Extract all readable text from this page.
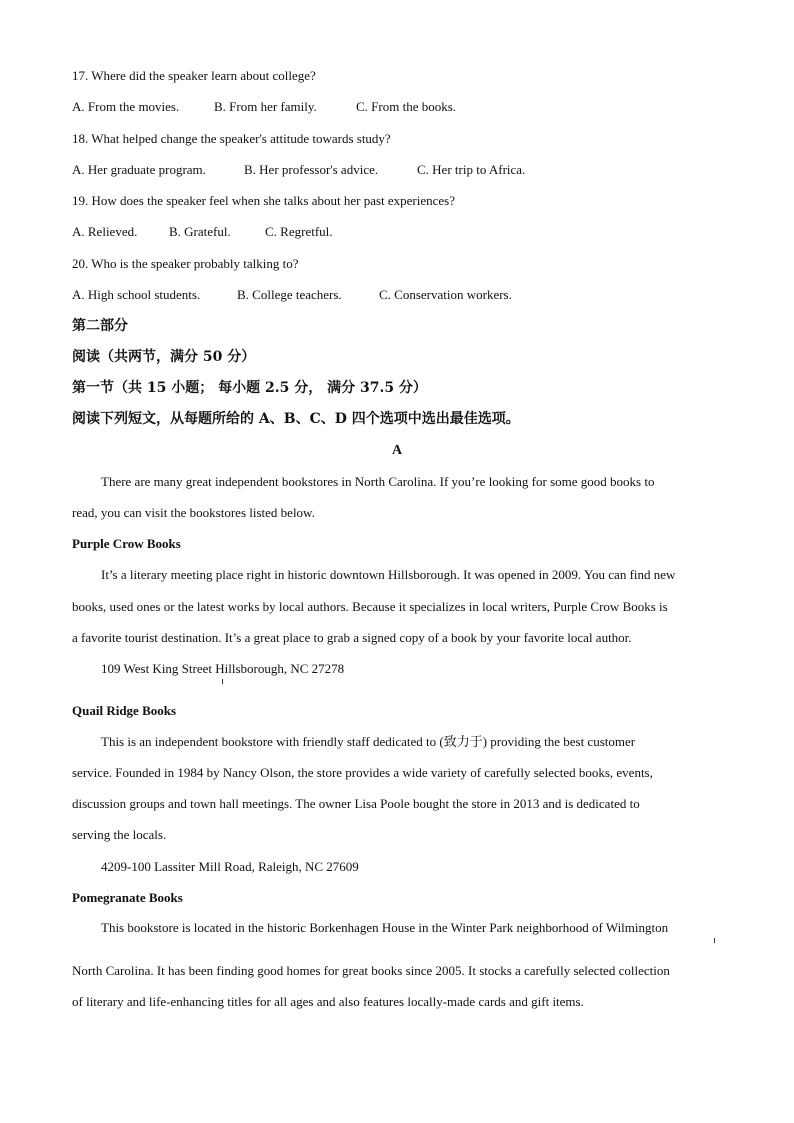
17. Where did the speaker learn about college?
A. From the movies.	B. From her family.	C. From the books.
18. What helped change the speaker's attitude towards study?
A. Her graduate program.	B. Her professor's advice.	C. Her trip to Africa.
19. How does the speaker feel when she talks about her past experiences?
A. Relieved. B. Grateful.	C. Regretful.
20. Who is the speaker probably talking to?
A. High school students.	B. College teachers.	C. Conservation workers.
第二部分
阅读（共两节，满分 50 分）
第一节（共 15 小题； 每小题 2.5 分， 满分 37.5 分）
阅读下列短文，从每题所给的 A、B、C、D 四个选项中选出最佳选项。
A
There are many great independent bookstores in North Carolina. If you’re looking for some good books to
read, you can visit the bookstores listed below.
Purple Crow Books
It’s a literary meeting place right in historic downtown Hillsborough. It was opened in 2009. You can find new
books, used ones or the latest works by local authors. Because it specializes in local writers, Purple Crow Books is
a favorite tourist destination. It’s a great place to grab a signed copy of a book by your favorite local author.
109 West King Street Hillsborough, NC 27278
Quail Ridge Books
This is an independent bookstore with friendly staff dedicated to (致力于) providing the best customer
service. Founded in 1984 by Nancy Olson, the store provides a wide variety of carefully selected books, events,
discussion groups and town hall meetings. The owner Lisa Poole bought the store in 2013 and is dedicated to
serving the locals.
4209-100 Lassiter Mill Road, Raleigh, NC 27609
Pomegranate Books
This bookstore is located in the historic Borkenhagen House in the Winter Park neighborhood of Wilmington
North Carolina. It has been finding good homes for great books since 2005. It stocks a carefully selected collection
of literary and life-enhancing titles for all ages and also features locally-made cards and gift items.
